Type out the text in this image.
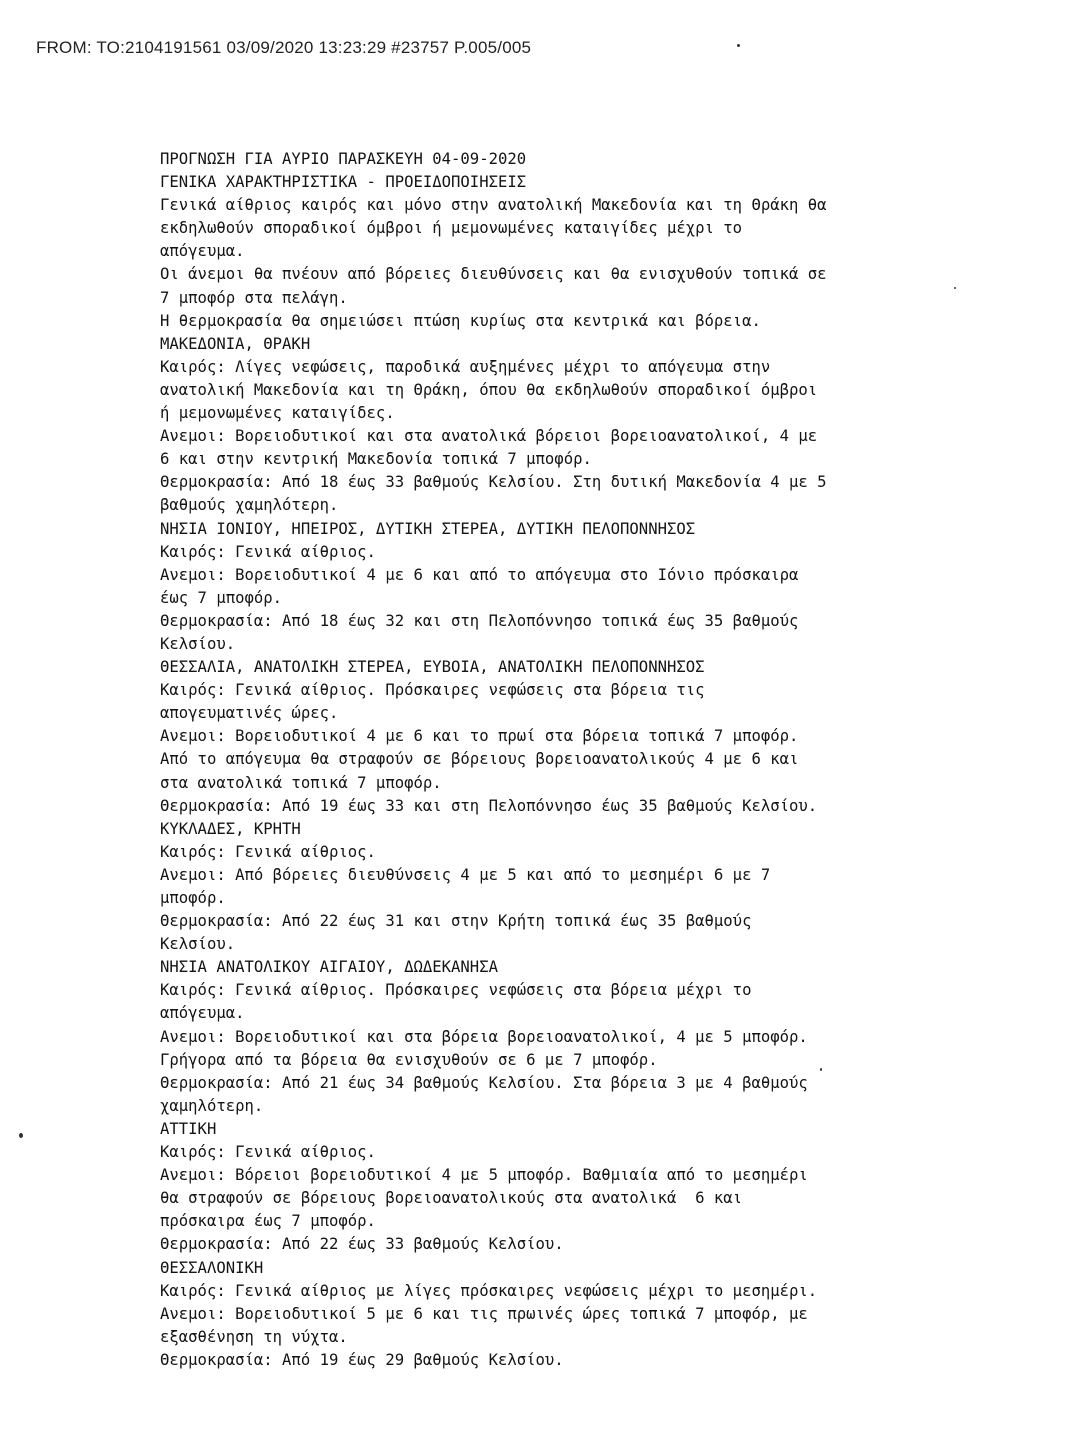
FROM: TO:2104191561 03/09/2020 13:23:29 #23757 P.005/005
ΠΡΟΓΝΩΣΗ ΓΙΑ ΑΥΡΙΟ ΠΑΡΑΣΚΕΥΗ 04-09-2020
ΓΕΝΙΚΑ ΧΑΡΑΚΤΗΡΙΣΤΙΚΑ - ΠΡΟΕΙΔΟΠΟΙΗΣΕΙΣ
Γενικά αίθριος καιρός και μόνο στην ανατολική Μακεδονία και τη Θράκη θα
εκδηλωθούν σποραδικοί όμβροι ή μεμονωμένες καταιγίδες μέχρι το
απόγευμα.
Οι άνεμοι θα πνέουν από βόρειες διευθύνσεις και θα ενισχυθούν τοπικά σε
7 μποφόρ στα πελάγη.
Η θερμοκρασία θα σημειώσει πτώση κυρίως στα κεντρικά και βόρεια.
ΜΑΚΕΔΟΝΙΑ, ΘΡΑΚΗ
Καιρός: Λίγες νεφώσεις, παροδικά αυξημένες μέχρι το απόγευμα στην
ανατολική Μακεδονία και τη Θράκη, όπου θα εκδηλωθούν σποραδικοί όμβροι
ή μεμονωμένες καταιγίδες.
Ανεμοι: Βορειοδυτικοί και στα ανατολικά βόρειοι βορειοανατολικοί, 4 με
6 και στην κεντρική Μακεδονία τοπικά 7 μποφόρ.
Θερμοκρασία: Από 18 έως 33 βαθμούς Κελσίου. Στη δυτική Μακεδονία 4 με 5
βαθμούς χαμηλότερη.
ΝΗΣΙΑ ΙΟΝΙΟΥ, ΗΠΕΙΡΟΣ, ΔΥΤΙΚΗ ΣΤΕΡΕΑ, ΔΥΤΙΚΗ ΠΕΛΟΠΟΝΝΗΣΟΣ
Καιρός: Γενικά αίθριος.
Ανεμοι: Βορειοδυτικοί 4 με 6 και από το απόγευμα στο Ιόνιο πρόσκαιρα
έως 7 μποφόρ.
Θερμοκρασία: Από 18 έως 32 και στη Πελοπόννησο τοπικά έως 35 βαθμούς
Κελσίου.
ΘΕΣΣΑΛΙΑ, ΑΝΑΤΟΛΙΚΗ ΣΤΕΡΕΑ, ΕΥΒΟΙΑ, ΑΝΑΤΟΛΙΚΗ ΠΕΛΟΠΟΝΝΗΣΟΣ
Καιρός: Γενικά αίθριος. Πρόσκαιρες νεφώσεις στα βόρεια τις
απογευματινές ώρες.
Ανεμοι: Βορειοδυτικοί 4 με 6 και το πρωί στα βόρεια τοπικά 7 μποφόρ.
Από το απόγευμα θα στραφούν σε βόρειους βορειοανατολικούς 4 με 6 και
στα ανατολικά τοπικά 7 μποφόρ.
Θερμοκρασία: Από 19 έως 33 και στη Πελοπόννησο έως 35 βαθμούς Κελσίου.
ΚΥΚΛΑΔΕΣ, ΚΡΗΤΗ
Καιρός: Γενικά αίθριος.
Ανεμοι: Από βόρειες διευθύνσεις 4 με 5 και από το μεσημέρι 6 με 7
μποφόρ.
Θερμοκρασία: Από 22 έως 31 και στην Κρήτη τοπικά έως 35 βαθμούς
Κελσίου.
ΝΗΣΙΑ ΑΝΑΤΟΛΙΚΟΥ ΑΙΓΑΙΟΥ, ΔΩΔΕΚΑΝΗΣΑ
Καιρός: Γενικά αίθριος. Πρόσκαιρες νεφώσεις στα βόρεια μέχρι το
απόγευμα.
Ανεμοι: Βορειοδυτικοί και στα βόρεια βορειοανατολικοί, 4 με 5 μποφόρ.
Γρήγορα από τα βόρεια θα ενισχυθούν σε 6 με 7 μποφόρ.
Θερμοκρασία: Από 21 έως 34 βαθμούς Κελσίου. Στα βόρεια 3 με 4 βαθμούς
χαμηλότερη.
ΑΤΤΙΚΗ
Καιρός: Γενικά αίθριος.
Ανεμοι: Βόρειοι βορειοδυτικοί 4 με 5 μποφόρ. Βαθμιαία από το μεσημέρι
θα στραφούν σε βόρειους βορειοανατολικούς στα ανατολικά  6 και
πρόσκαιρα έως 7 μποφόρ.
Θερμοκρασία: Από 22 έως 33 βαθμούς Κελσίου.
ΘΕΣΣΑΛΟΝΙΚΗ
Καιρός: Γενικά αίθριος με λίγες πρόσκαιρες νεφώσεις μέχρι το μεσημέρι.
Ανεμοι: Βορειοδυτικοί 5 με 6 και τις πρωινές ώρες τοπικά 7 μποφόρ, με
εξασθένηση τη νύχτα.
Θερμοκρασία: Από 19 έως 29 βαθμούς Κελσίου.
